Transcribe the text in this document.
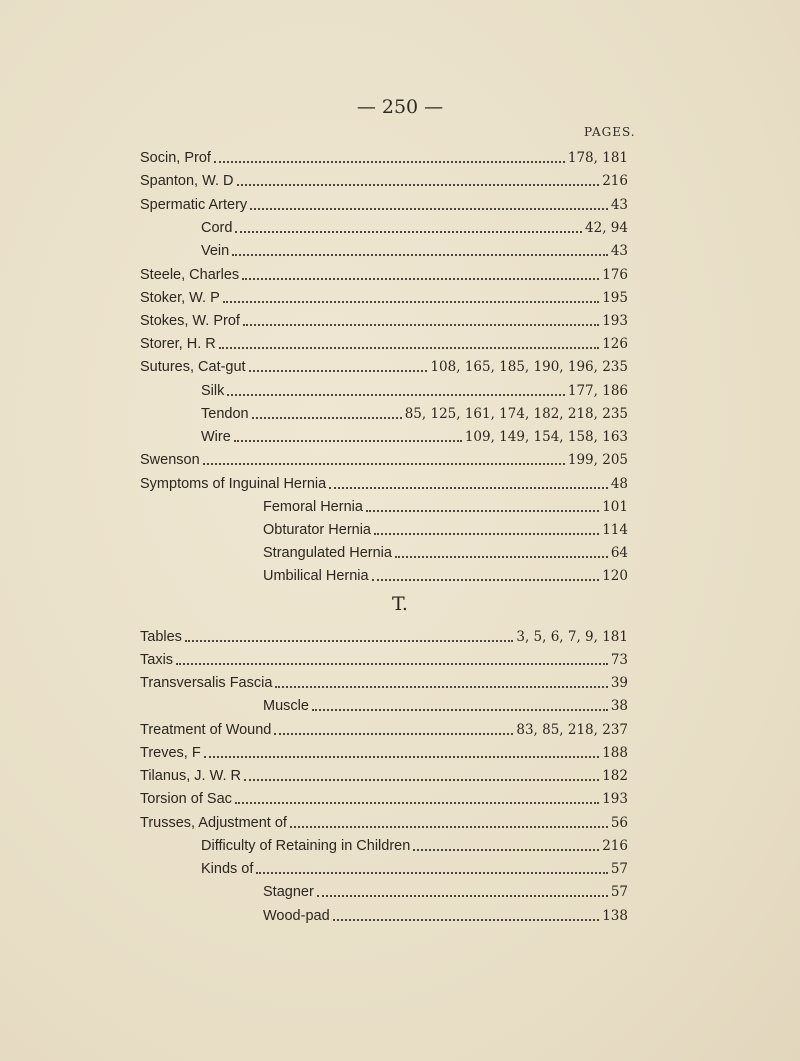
— 250 —
PAGES.
Socin, Prof	178, 181
Spanton, W. D	216
Spermatic Artery	43
Cord	42, 94
Vein	43
Steele, Charles	176
Stoker, W. P	195
Stokes, W. Prof	193
Storer, H. R	126
Sutures, Cat-gut	108, 165, 185, 190, 196, 235
Silk	177, 186
Tendon	85, 125, 161, 174, 182, 218, 235
Wire	109, 149, 154, 158, 163
Swenson	199, 205
Symptoms of Inguinal Hernia	48
Femoral Hernia	101
Obturator Hernia	114
Strangulated Hernia	64
Umbilical Hernia	120
T.
Tables	3, 5, 6, 7, 9, 181
Taxis	73
Transversalis Fascia	39
Muscle	38
Treatment of Wound	83, 85, 218, 237
Treves, F	188
Tilanus, J. W. R	182
Torsion of Sac	193
Trusses, Adjustment of	56
Difficulty of Retaining in Children	216
Kinds of	57
Stagner	57
Wood-pad	138
